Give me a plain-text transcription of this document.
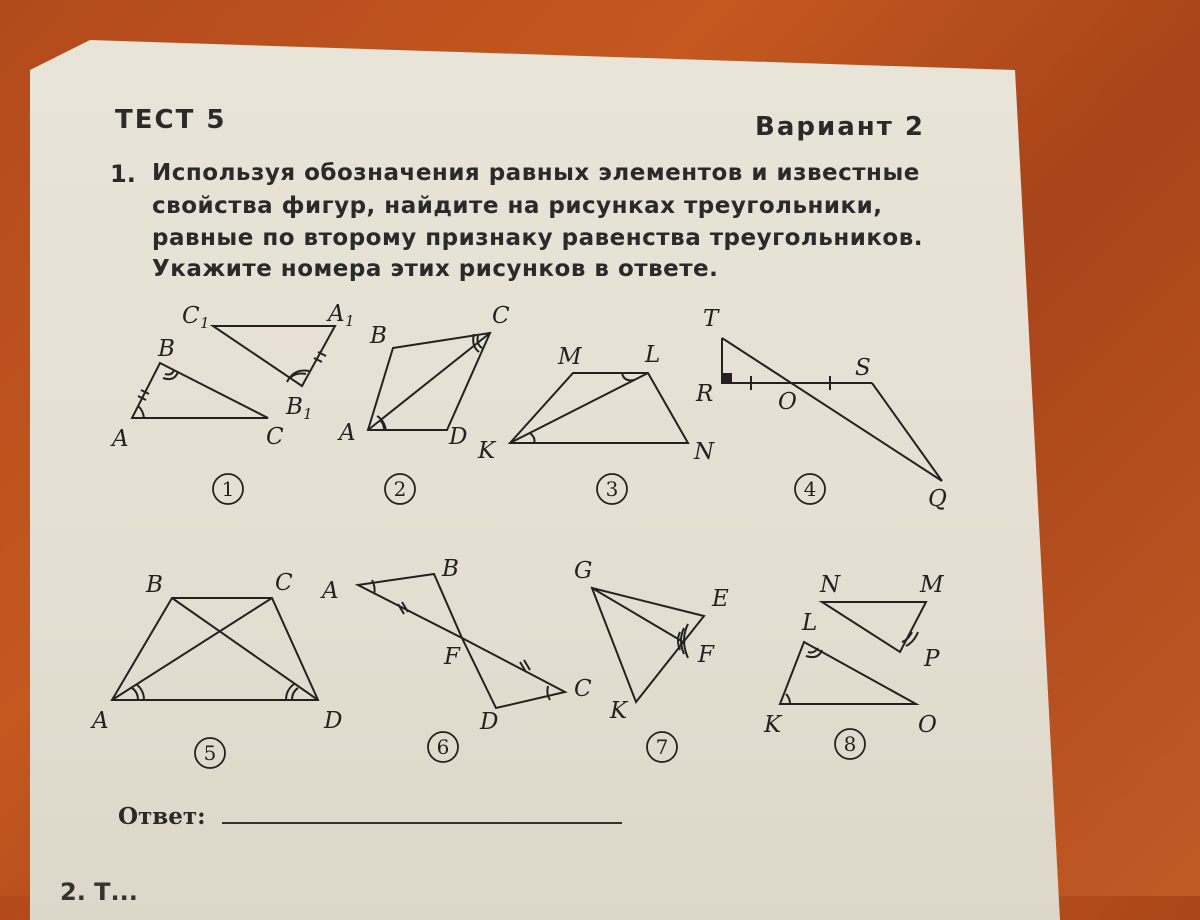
ТЕСТ 5	Вариант 2
1. Используя обозначения равных элементов и известные
свойства фигур, найдите на рисунках треугольники,
равные по второму признаку равенства треугольников.
Укажите номера этих рисунков в ответе.
1	2	3	4
5	6	7	8
C 1	A 1
B
B 1
A	C
B
C
A	D
M	L
K	N
T
S
R	O
Q
B	C
A	D
A
B
F
C
D
G
E
F
K
N	M
L
P
K	O
Ответ:
2. Т...
